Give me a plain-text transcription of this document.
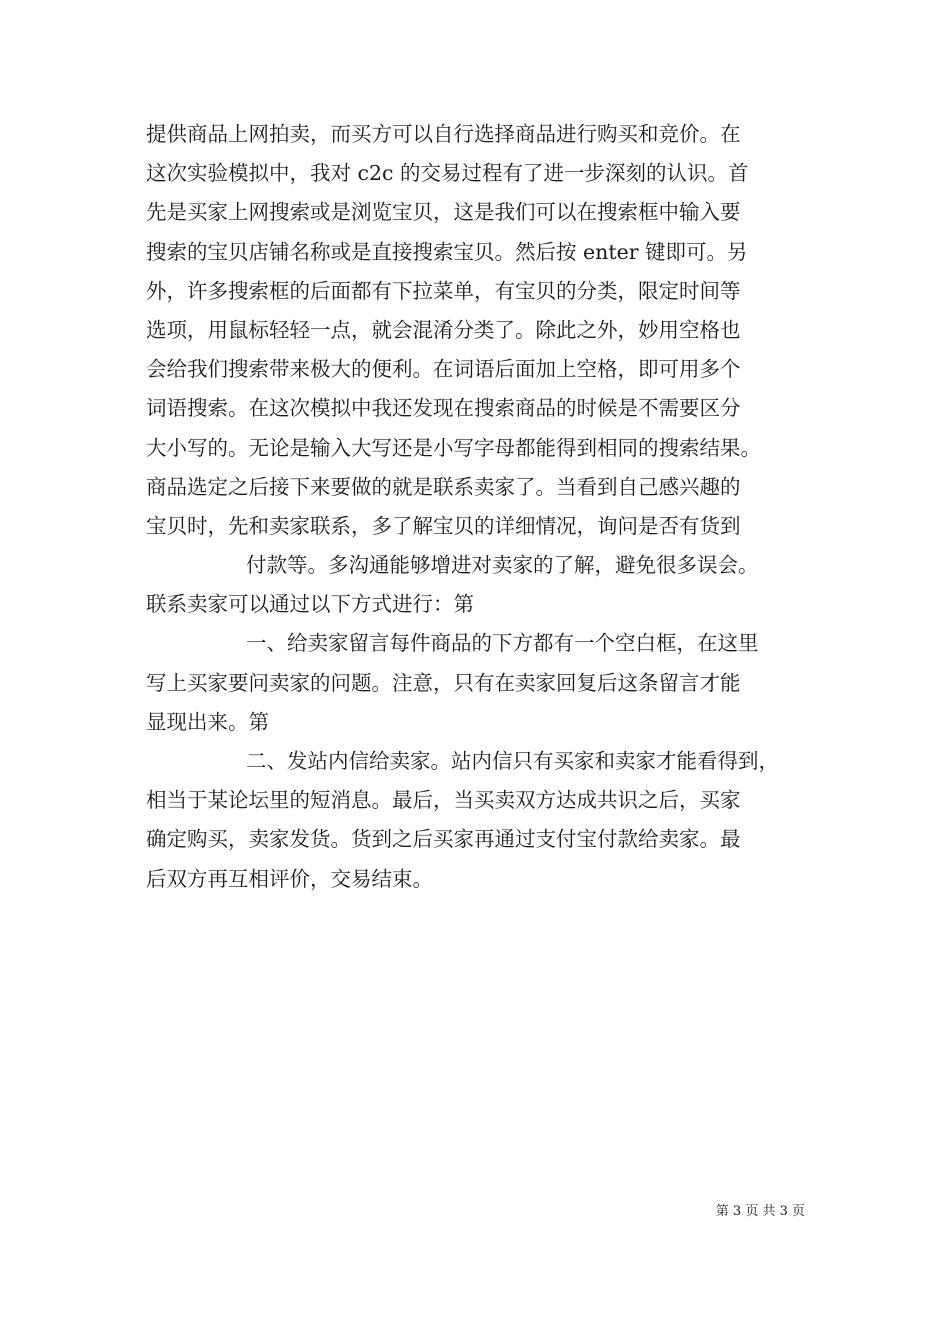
提供商品上网拍卖，而买方可以自行选择商品进行购买和竞价。在
这次实验模拟中，我对 c2c 的交易过程有了进一步深刻的认识。首
先是买家上网搜索或是浏览宝贝，这是我们可以在搜索框中输入要
搜索的宝贝店铺名称或是直接搜索宝贝。然后按 enter 键即可。另
外，许多搜索框的后面都有下拉菜单，有宝贝的分类，限定时间等
选项，用鼠标轻轻一点，就会混淆分类了。除此之外，妙用空格也
会给我们搜索带来极大的便利。在词语后面加上空格，即可用多个
词语搜索。在这次模拟中我还发现在搜索商品的时候是不需要区分
大小写的。无论是输入大写还是小写字母都能得到相同的搜索结果。
商品选定之后接下来要做的就是联系卖家了。当看到自己感兴趣的
宝贝时，先和卖家联系，多了解宝贝的详细情况，询问是否有货到
付款等。多沟通能够增进对卖家的了解，避免很多误会。
联系卖家可以通过以下方式进行：第
一、给卖家留言每件商品的下方都有一个空白框，在这里
写上买家要问卖家的问题。注意，只有在卖家回复后这条留言才能
显现出来。第
二、发站内信给卖家。站内信只有买家和卖家才能看得到，
相当于某论坛里的短消息。最后，当买卖双方达成共识之后，买家
确定购买，卖家发货。货到之后买家再通过支付宝付款给卖家。最
后双方再互相评价，交易结束。
第 3 页 共 3 页
